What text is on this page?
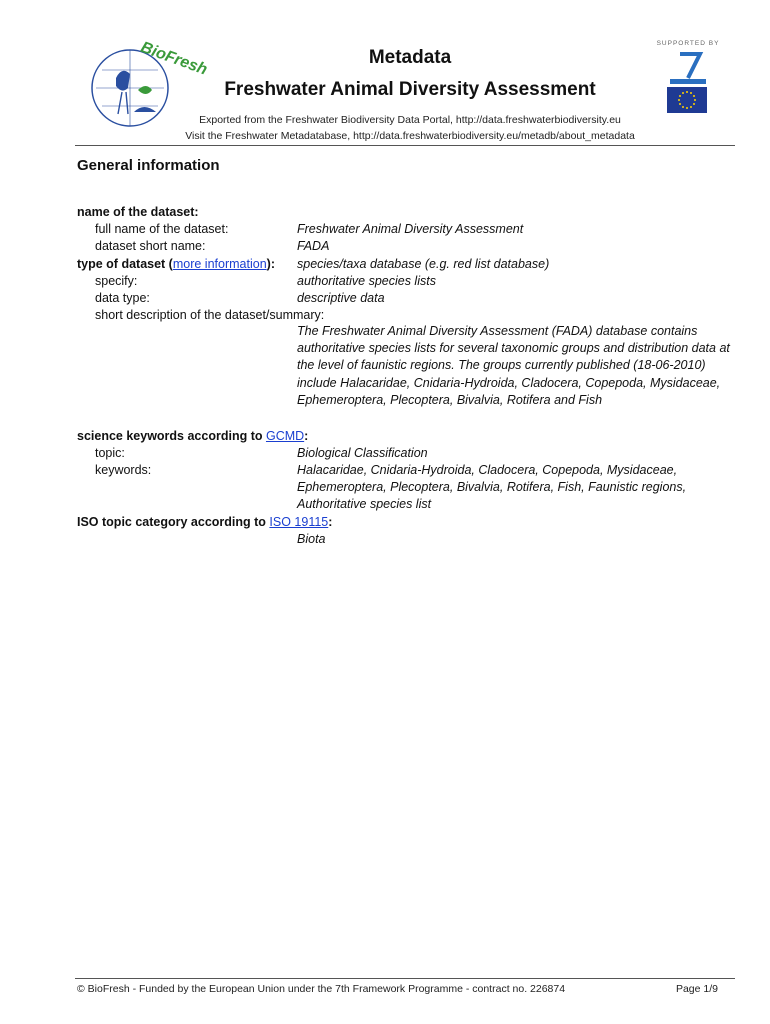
BioFresh	Metadata
Freshwater Animal Diversity Assessment
Exported from the Freshwater Biodiversity Data Portal, http://data.freshwaterbiodiversity.eu
Visit the Freshwater Metadatabase, http://data.freshwaterbiodiversity.eu/metadb/about_metadata
SUPPORTED BY
General information
name of the dataset:
full name of the dataset:	Freshwater Animal Diversity Assessment
dataset short name:	FADA
type of dataset (more information): species/taxa database (e.g. red list database)
specify:	authoritative species lists
data type:	descriptive data
short description of the dataset/summary:
The Freshwater Animal Diversity Assessment (FADA) database contains authoritative species lists for several taxonomic groups and distribution data at the level of faunistic regions. The groups currently published (18-06-2010) include Halacaridae, Cnidaria-Hydroida, Cladocera, Copepoda, Mysidaceae, Ephemeroptera, Plecoptera, Bivalvia, Rotifera and Fish
science keywords according to GCMD:
topic:	Biological Classification
keywords:	Halacaridae, Cnidaria-Hydroida, Cladocera, Copepoda, Mysidaceae,
Ephemeroptera, Plecoptera, Bivalvia, Rotifera, Fish, Faunistic regions,
Authoritative species list
ISO topic category according to ISO 19115:
Biota
© BioFresh - Funded by the European Union under the 7th Framework Programme - contract no. 226874	Page 1/9
